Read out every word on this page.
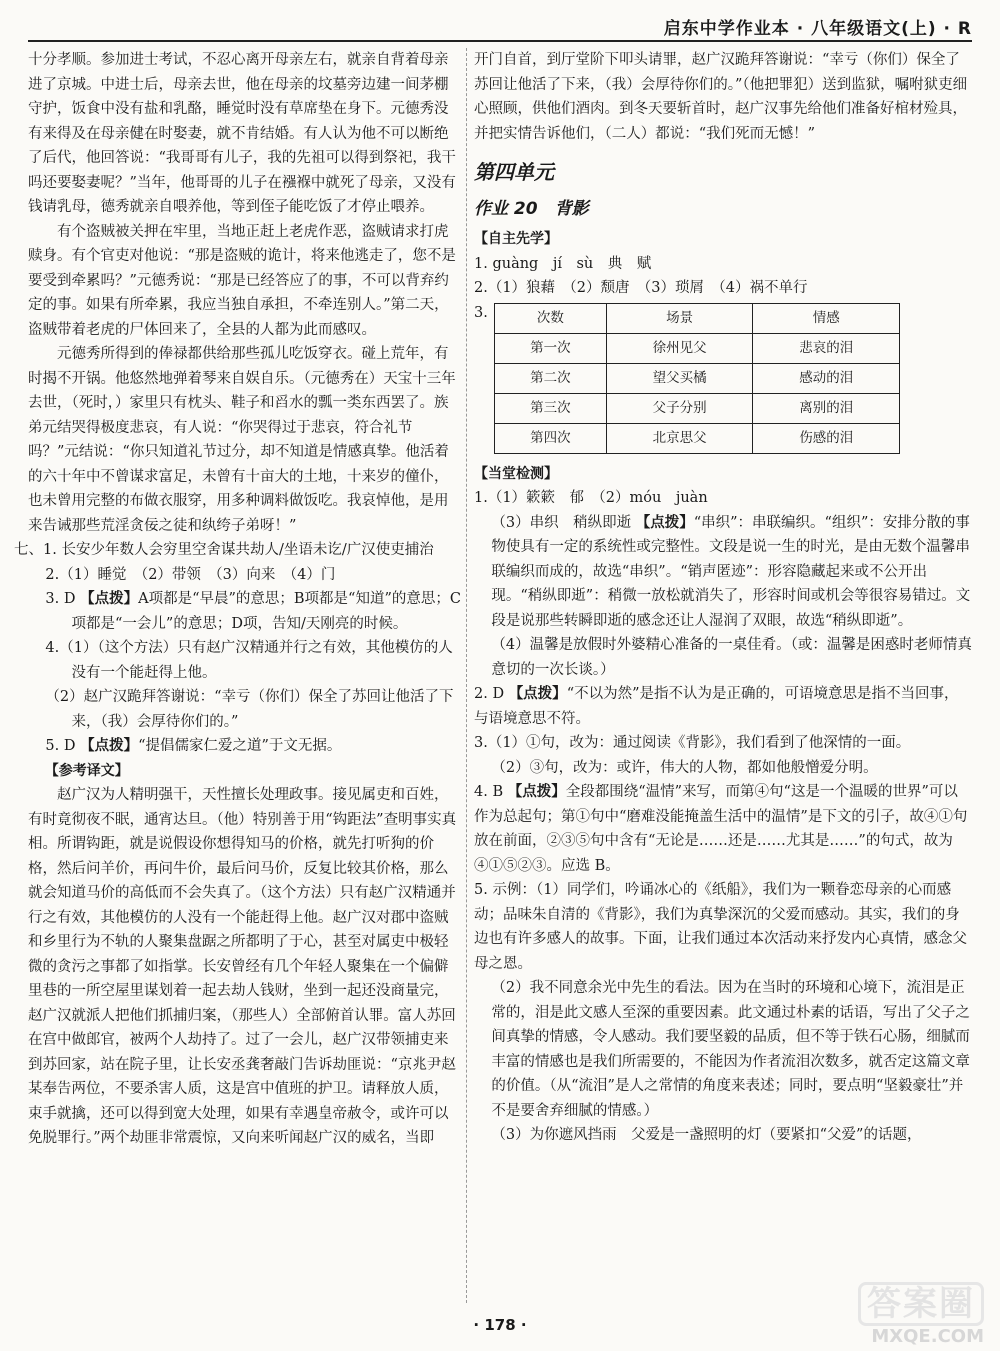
启东中学作业本 · 八年级语文(上) · R

十分孝顺。参加进士考试，不忍心离开母亲左右，就亲自背着母亲进了京城。中进士后，母亲去世，他在母亲的坟墓旁边建一间茅棚守护，饭食中没有盐和乳酪，睡觉时没有草席垫在身下。元德秀没有来得及在母亲健在时娶妻，就不肯结婚。有人认为他不可以断绝了后代，他回答说：“我哥哥有儿子，我的先祖可以得到祭祀，我干吗还要娶妻呢？”当年，他哥哥的儿子在襁褓中就死了母亲，又没有钱请乳母，德秀就亲自喂养他，等到侄子能吃饭了才停止喂养。

有个盗贼被关押在牢里，当地正赶上老虎作恶，盗贼请求打虎赎身。有个官吏对他说：“那是盗贼的诡计，将来他逃走了，您不是要受到牵累吗？”元德秀说：“那是已经答应了的事，不可以背弃约定的事。如果有所牵累，我应当独自承担，不牵连别人。”第二天，盗贼带着老虎的尸体回来了，全县的人都为此而感叹。

元德秀所得到的俸禄都供给那些孤儿吃饭穿衣。碰上荒年，有时揭不开锅。他悠然地弹着琴来自娱自乐。（元德秀在）天宝十三年去世，（死时，）家里只有枕头、鞋子和舀水的瓢一类东西罢了。族弟元结哭得极度悲哀，有人说：“你哭得过于悲哀，符合礼节吗？”元结说：“你只知道礼节过分，却不知道是情感真挚。他活着的六十年中不曾谋求富足，未曾有十亩大的土地，十来岁的僮仆，也未曾用完整的布做衣服穿，用多种调料做饭吃。我哀悼他，是用来告诫那些荒淫贪佞之徒和纨绔子弟呀！”

七、1. 长安少年数人会穷里空舍谋共劫人/坐语未讫/广汉使吏捕治

2.（1）睡觉　（2）带领　（3）向来　（4）门

3. D 【点拨】A项都是“早晨”的意思；B项都是“知道”的意思；C项都是“一会儿”的意思；D项，告知/天刚亮的时候。

4.（1）（这个方法）只有赵广汉精通并行之有效，其他模仿的人没有一个能赶得上他。

（2）赵广汉跪拜答谢说：“幸亏（你们）保全了苏回让他活了下来，（我）会厚待你们的。”

5. D 【点拨】“提倡儒家仁爱之道”于文无据。

【参考译文】

赵广汉为人精明强干，天性擅长处理政事。接见属吏和百姓，有时竟彻夜不眠，通宵达旦。（他）特别善于用“钩距法”查明事实真相。所谓钩距，就是说假设你想得知马的价格，就先打听狗的价格，然后问羊价，再问牛价，最后问马价，反复比较其价格，那么就会知道马价的高低而不会失真了。（这个方法）只有赵广汉精通并行之有效，其他模仿的人没有一个能赶得上他。赵广汉对郡中盗贼和乡里行为不轨的人聚集盘踞之所都明了于心，甚至对属吏中极轻微的贪污之事都了如指掌。长安曾经有几个年轻人聚集在一个偏僻里巷的一所空屋里谋划着一起去劫人钱财，坐到一起还没商量完，赵广汉就派人把他们抓捕归案，（那些人）全部俯首认罪。富人苏回在宫中做郎官，被两个人劫持了。过了一会儿，赵广汉带领捕吏来到苏回家，站在院子里，让长安丞龚奢敲门告诉劫匪说：“京兆尹赵某奉告两位，不要杀害人质，这是宫中值班的护卫。请释放人质，束手就擒，还可以得到宽大处理，如果有幸遇皇帝赦令，或许可以免脱罪行。”两个劫匪非常震惊，又向来听闻赵广汉的威名，当即

开门自首，到厅堂阶下叩头请罪，赵广汉跪拜答谢说：“幸亏（你们）保全了苏回让他活了下来，（我）会厚待你们的。”（他把罪犯）送到监狱，嘱咐狱吏细心照顾，供他们酒肉。到冬天要斩首时，赵广汉事先给他们准备好棺材殓具，并把实情告诉他们，（二人）都说：“我们死而无憾！”

第四单元
作业 20　背影

【自主先学】

1. guàng　jí　sù　典　赋

2.（1）狼藉　（2）颓唐　（3）琐屑　（4）祸不单行

3.	次数	场景	情感
第一次	徐州见父	悲哀的泪
第二次	望父买橘	感动的泪
第三次	父子分别	离别的泪
第四次	北京思父	伤感的泪

【当堂检测】

1.（1）簌簌　郁　（2）móu　juàn

（3）串织　稍纵即逝 【点拨】“串织”：串联编织。“组织”：安排分散的事物使具有一定的系统性或完整性。文段是说一生的时光，是由无数个温馨串联编织而成的，故选“串织”。“销声匿迹”：形容隐藏起来或不公开出现。“稍纵即逝”：稍微一放松就消失了，形容时间或机会等很容易错过。文段是说那些转瞬即逝的感念还让人湿润了双眼，故选“稍纵即逝”。

（4）温馨是放假时外婆精心准备的一桌佳肴。（或：温馨是困惑时老师情真意切的一次长谈。）

2. D 【点拨】“不以为然”是指不认为是正确的，可语境意思是指不当回事，与语境意思不符。

3.（1）①句，改为：通过阅读《背影》，我们看到了他深情的一面。

（2）③句，改为：或许，伟大的人物，都如他般憎爱分明。

4. B 【点拨】全段都围绕“温情”来写，而第④句“这是一个温暖的世界”可以作为总起句；第①句中“磨难没能掩盖生活中的温情”是下文的引子，故④①句放在前面，②③⑤句中含有“无论是……还是……尤其是……”的句式，故为④①⑤②③。应选 B。

5. 示例：（1）同学们，吟诵冰心的《纸船》，我们为一颗眷恋母亲的心而感动；品味朱自清的《背影》，我们为真挚深沉的父爱而感动。其实，我们的身边也有许多感人的故事。下面，让我们通过本次活动来抒发内心真情，感念父母之恩。

（2）我不同意余光中先生的看法。因为在当时的环境和心境下，流泪是正常的，泪是此文感人至深的重要因素。此文通过朴素的话语，写出了父子之间真挚的情感，令人感动。我们要坚毅的品质，但不等于铁石心肠，细腻而丰富的情感也是我们所需要的，不能因为作者流泪次数多，就否定这篇文章的价值。（从“流泪”是人之常情的角度来表述；同时，要点明“坚毅豪壮”并不是要舍弃细腻的情感。）

（3）为你遮风挡雨　父爱是一盏照明的灯（要紧扣“父爱”的话题，

· 178 ·
答案圈
MXQE.COM
